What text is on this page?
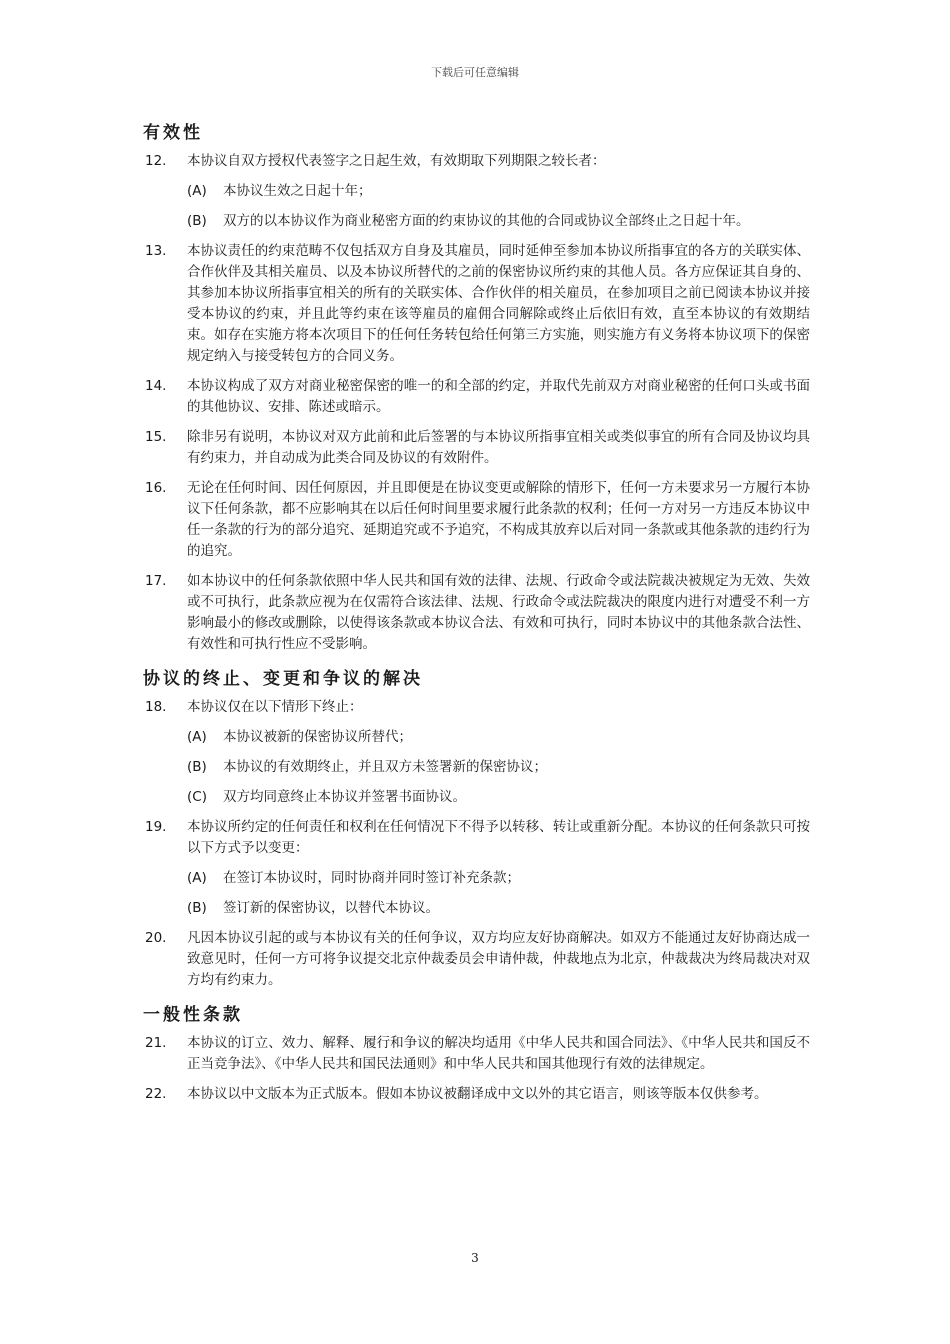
下载后可任意编辑
有效性
12.	本协议自双方授权代表签字之日起生效，有效期取下列期限之较长者：
(A)	本协议生效之日起十年；
(B)	双方的以本协议作为商业秘密方面的约束协议的其他的合同或协议全部终止之日起十年。
13.	本协议责任的约束范畴不仅包括双方自身及其雇员，同时延伸至参加本协议所指事宜的各方的关联实体、合作伙伴及其相关雇员、以及本协议所替代的之前的保密协议所约束的其他人员。各方应保证其自身的、其参加本协议所指事宜相关的所有的关联实体、合作伙伴的相关雇员，在参加项目之前已阅读本协议并接受本协议的约束，并且此等约束在该等雇员的雇佣合同解除或终止后依旧有效，直至本协议的有效期结束。如存在实施方将本次项目下的任何任务转包给任何第三方实施，则实施方有义务将本协议项下的保密规定纳入与接受转包方的合同义务。
14.	本协议构成了双方对商业秘密保密的唯一的和全部的约定，并取代先前双方对商业秘密的任何口头或书面的其他协议、安排、陈述或暗示。
15.	除非另有说明，本协议对双方此前和此后签署的与本协议所指事宜相关或类似事宜的所有合同及协议均具有约束力，并自动成为此类合同及协议的有效附件。
16.	无论在任何时间、因任何原因，并且即便是在协议变更或解除的情形下，任何一方未要求另一方履行本协议下任何条款，都不应影响其在以后任何时间里要求履行此条款的权利；任何一方对另一方违反本协议中任一条款的行为的部分追究、延期追究或不予追究，不构成其放弃以后对同一条款或其他条款的违约行为的追究。
17.	如本协议中的任何条款依照中华人民共和国有效的法律、法规、行政命令或法院裁决被规定为无效、失效或不可执行，此条款应视为在仅需符合该法律、法规、行政命令或法院裁决的限度内进行对遭受不利一方影响最小的修改或删除，以使得该条款或本协议合法、有效和可执行，同时本协议中的其他条款合法性、有效性和可执行性应不受影响。
协议的终止、变更和争议的解决
18.	本协议仅在以下情形下终止：
(A)	本协议被新的保密协议所替代；
(B)	本协议的有效期终止，并且双方未签署新的保密协议；
(C)	双方均同意终止本协议并签署书面协议。
19.	本协议所约定的任何责任和权利在任何情况下不得予以转移、转让或重新分配。本协议的任何条款只可按以下方式予以变更：
(A)	在签订本协议时，同时协商并同时签订补充条款；
(B)	签订新的保密协议，以替代本协议。
20.	凡因本协议引起的或与本协议有关的任何争议，双方均应友好协商解决。如双方不能通过友好协商达成一致意见时，任何一方可将争议提交北京仲裁委员会申请仲裁，仲裁地点为北京，仲裁裁决为终局裁决对双方均有约束力。
一般性条款
21.	本协议的订立、效力、解释、履行和争议的解决均适用《中华人民共和国合同法》、《中华人民共和国反不正当竞争法》、《中华人民共和国民法通则》和中华人民共和国其他现行有效的法律规定。
22.	本协议以中文版本为正式版本。假如本协议被翻译成中文以外的其它语言，则该等版本仅供参考。
3
